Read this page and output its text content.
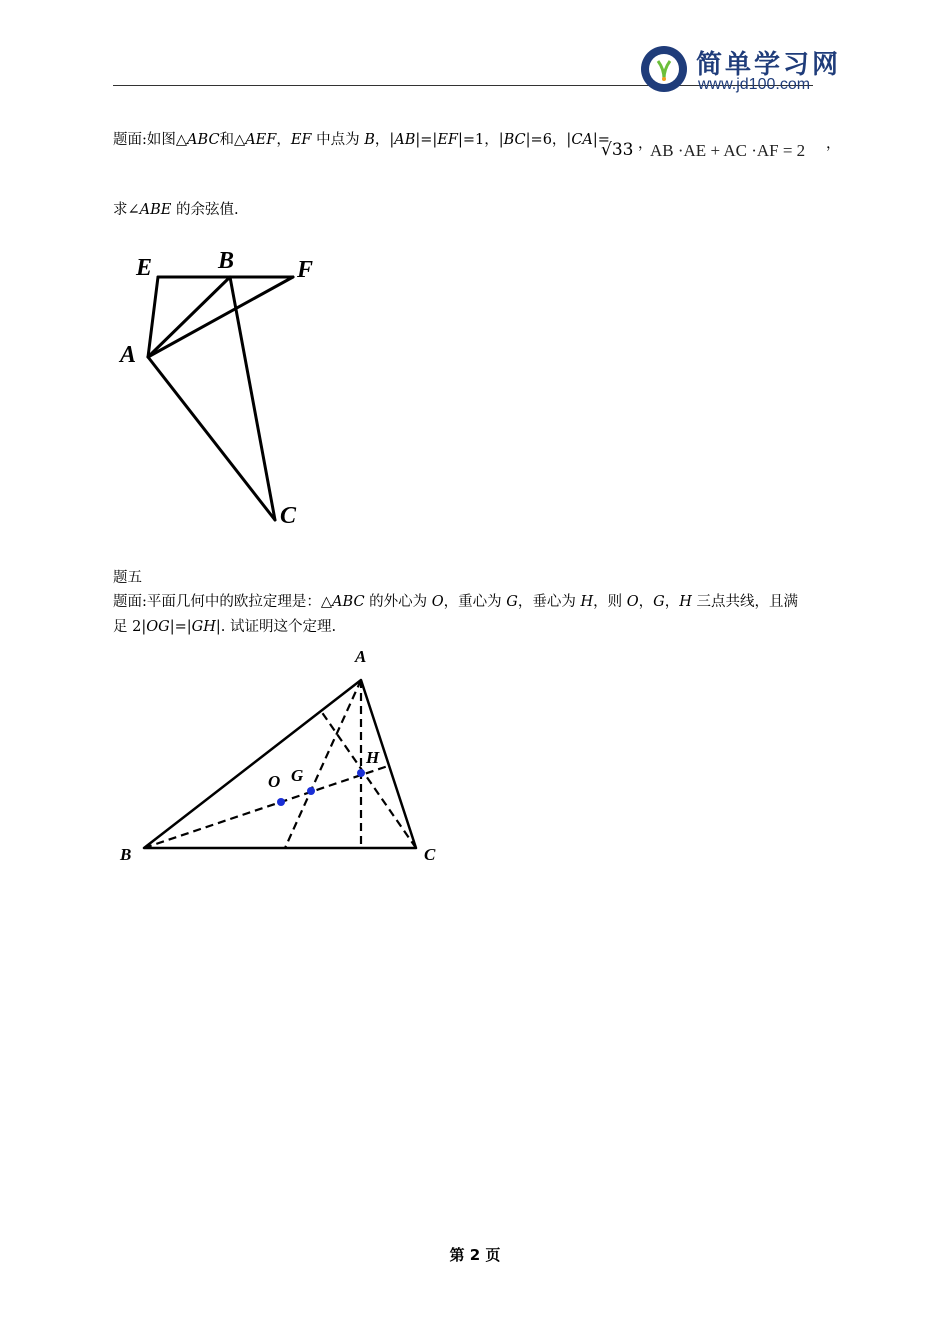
简单学习网
www.jd100.com
题面:如图△ABC和△AEF，EF 中点为 B，|AB|=|EF|=1，|BC|=6，|CA|=
√33 ，
AB ·AE + AC ·AF = 2 ，
求∠ABE 的余弦值.
E	B	F
A
C
题五
题面:平面几何中的欧拉定理是：△ABC 的外心为 O，重心为 G，垂心为 H，则 O，G，H 三点共线，且满
足 2|OG|=|GH|. 试证明这个定理.
A
B	C
O G
H
第 2 页
